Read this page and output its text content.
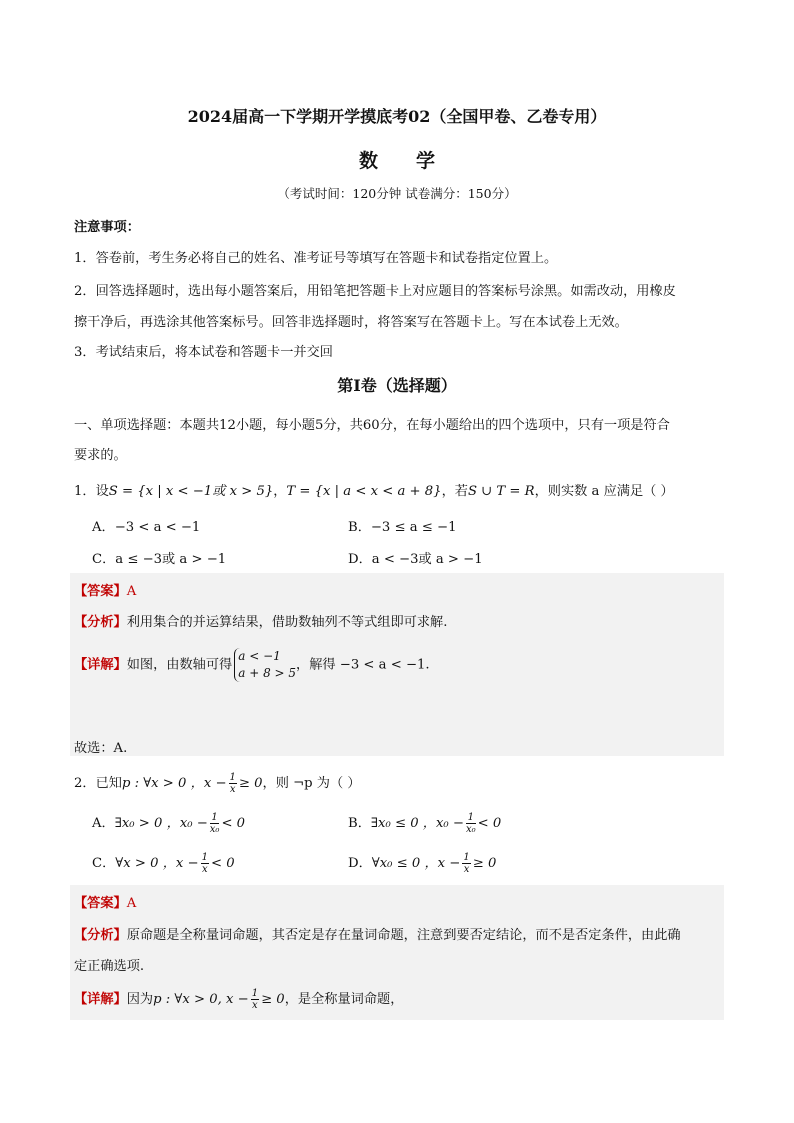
2024届高一下学期开学摸底考02（全国甲卷、乙卷专用）
数学
（考试时间：120分钟 试卷满分：150分）
注意事项：
1．答卷前，考生务必将自己的姓名、准考证号等填写在答题卡和试卷指定位置上。
2．回答选择题时，选出每小题答案后，用铅笔把答题卡上对应题目的答案标号涂黑。如需改动，用橡皮
擦干净后，再选涂其他答案标号。回答非选择题时，将答案写在答题卡上。写在本试卷上无效。
3．考试结束后，将本试卷和答题卡一并交回
第I卷（选择题）
一、单项选择题：本题共12小题，每小题5分，共60分，在每小题给出的四个选项中，只有一项是符合
要求的。
1．设S = {x | x < −1或 x > 5}，T = {x | a < x < a + 8}，若S ∪ T = R，则实数 a 应满足（ ）
A．−3 < a < −1	B．−3 ≤ a ≤ −1
C．a ≤ −3或 a > −1	D．a < −3或 a > −1
【答案】A
【分析】利用集合的并运算结果，借助数轴列不等式组即可求解.
【详解】如图，由数轴可得
a < −1
a + 8 > 5
，解得 −3 < a < −1.
故选：A.
2．已知p : ∀x > 0 ，$x - \frac{1}{x} \ge 0$，则 ¬p 为（ ）
A．∃x₀ > 0 ，$x_0 - \frac{1}{\text{x₀}} < 0$	B．∃x₀ ≤ 0 ，$x_0 - \frac{1}{\text{x₀}} < 0$
C．∀x > 0 ，$x - \frac{1}{x} < 0$	D．∀x₀ ≤ 0 ，$x - \frac{1}{x} \ge 0$
【答案】A
【分析】原命题是全称量词命题，其否定是存在量词命题，注意到要否定结论，而不是否定条件，由此确
定正确选项.
【详解】因为p : ∀x > 0, $x - \frac{1}{x} \ge 0$，是全称量词命题，
